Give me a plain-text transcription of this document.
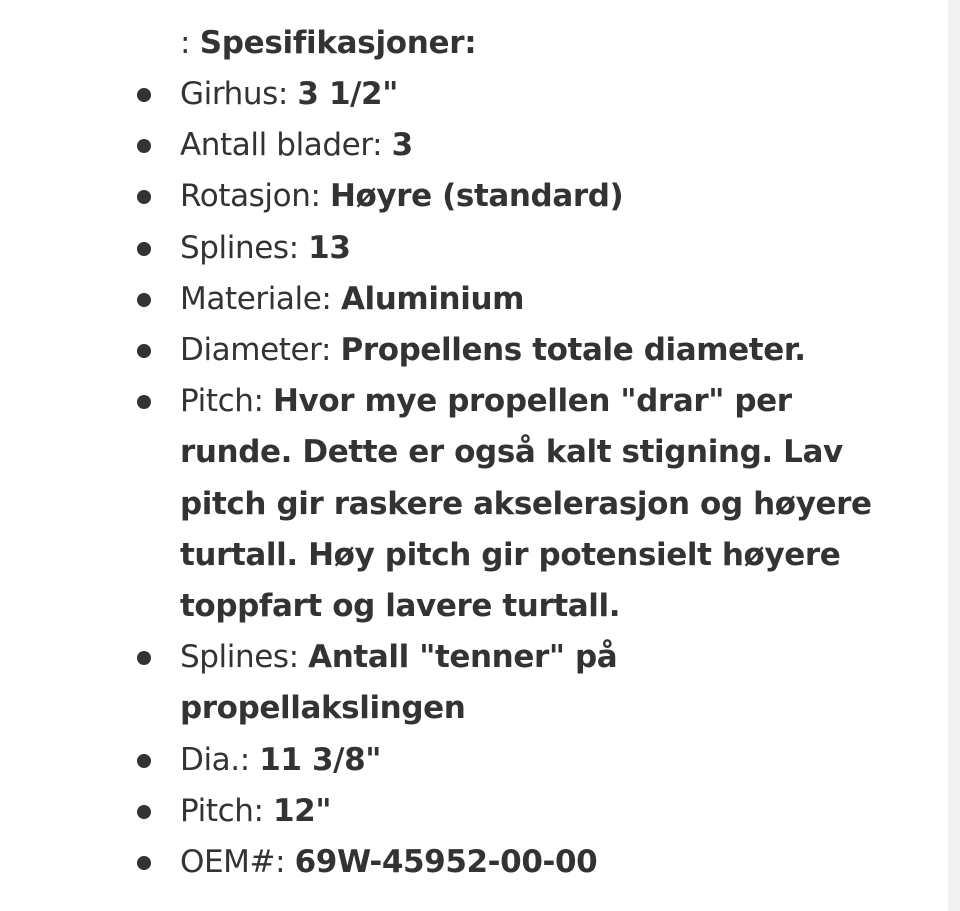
: Spesifikasjoner:

Girhus: 3 1/2"
Antall blader: 3
Rotasjon: Høyre (standard)
Splines: 13
Materiale: Aluminium
Diameter: Propellens totale diameter.
Pitch: Hvor mye propellen "drar" per runde. Dette er også kalt stigning. Lav pitch gir raskere akselerasjon og høyere turtall. Høy pitch gir potensielt høyere toppfart og lavere turtall.
Splines: Antall "tenner" på propellakslingen
Dia.: 11 3/8"
Pitch: 12"
OEM#: 69W-45952-00-00
